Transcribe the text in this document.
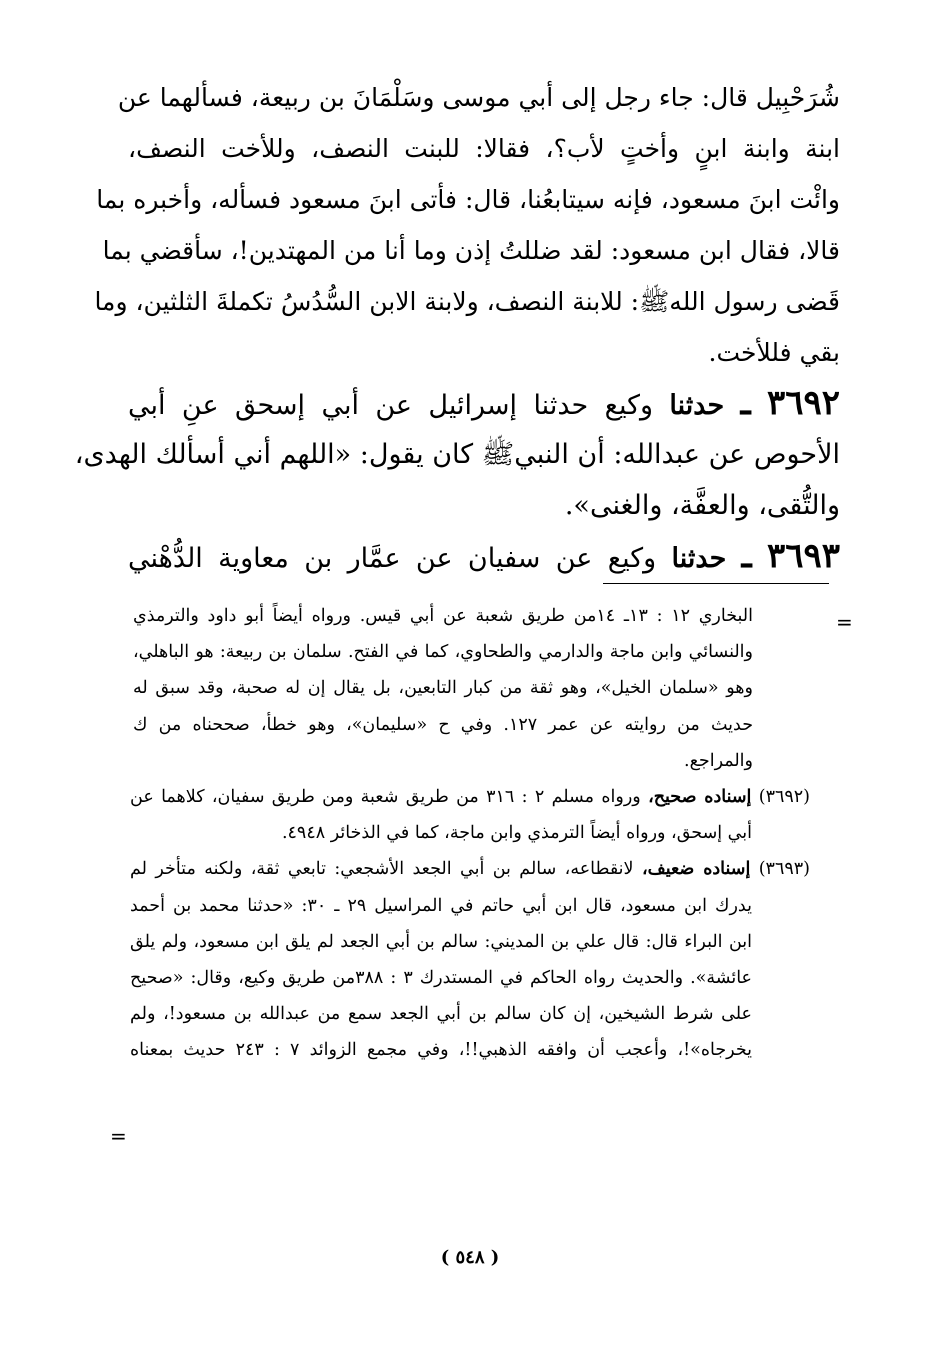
شُرَحْبِيل قال: جاء رجل إلى أبي موسى وسَلْمَانَ بن ربيعة، فسألهما عن
ابنة وابنة ابنٍ وأختٍ لأب؟، فقالا: للبنت النصف، وللأخت النصف،
وائْت ابنَ مسعود، فإنه سيتابعُنا، قال: فأتى ابنَ مسعود فسأله، وأخبره بما
قالا، فقال ابن مسعود: لقد ضللتُ إذن وما أنا من المهتدين!، سأقضي بما
قَضى رسول اللهﷺ: للابنة النصف، ولابنة الابن السُّدُسُ تكملةَ الثلثين، وما
بقي فللأخت.
٣٦٩٢ ـ حدثنا وكيع حدثنا إسرائيل عن أبي إسحق عنِ أبي
الأحوص عن عبدالله: أن النبيﷺ كان يقول: «اللهم أني أسألك الهدى،
والتُّقى، والعفَّة، والغنى».
٣٦٩٣ ـ حدثنا وكيع عن سفيان عن عمَّار بن معاوية الدُّهْني
=
البخاري ١٢ : ١٣ـ ١٤من طريق شعبة عن أبي قيس. ورواه أيضاً أبو داود والترمذي
والنسائي وابن ماجة والدارمي والطحاوي، كما في الفتح. سلمان بن ربيعة: هو الباهلي،
وهو «سلمان الخيل»، وهو ثقة من كبار التابعين، بل يقال إن له صحبة، وقد سبق له
حديث من روايته عن عمر ١٢٧. وفي ح «سليمان»، وهو خطأ، صححناه من ك
والمراجع.
(٣٦٩٢) إسناده صحيح، ورواه مسلم ٢ : ٣١٦ من طريق شعبة ومن طريق سفيان، كلاهما عن
أبي إسحق، ورواه أيضاً الترمذي وابن ماجة، كما في الذخائر ٤٩٤٨.
(٣٦٩٣) إسناده ضعيف، لانقطاعه، سالم بن أبي الجعد الأشجعي: تابعي ثقة، ولكنه متأخر لم
يدرك ابن مسعود، قال ابن أبي حاتم في المراسيل ٢٩ ـ ٣٠: «حدثنا محمد بن أحمد
ابن البراء قال: قال علي بن المديني: سالم بن أبي الجعد لم يلق ابن مسعود، ولم يلق
عائشة». والحديث رواه الحاكم في المستدرك ٣ : ٣٨٨من طريق وكيع، وقال: «صحيح
على شرط الشيخين، إن كان سالم بن أبي الجعد سمع من عبدالله بن مسعود!، ولم
يخرجاه»!، وأعجب أن وافقه الذهبي!!، وفي مجمع الزوائد ٧ : ٢٤٣ حديث بمعناه
=
( ٥٤٨ )
